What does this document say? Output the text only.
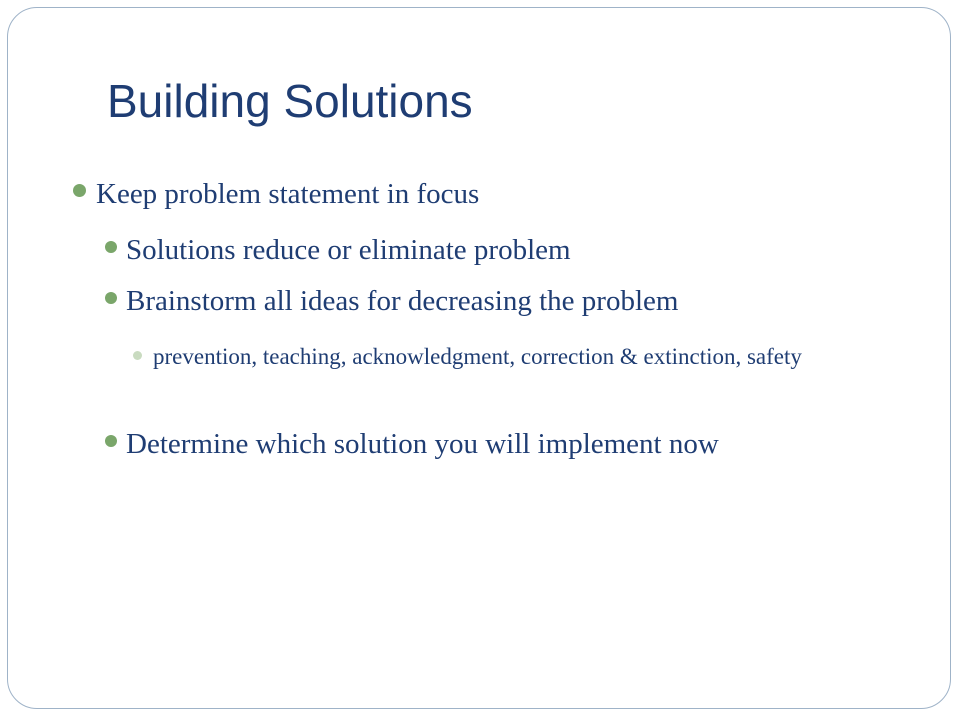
Building Solutions
Keep problem statement in focus
Solutions reduce or eliminate problem
Brainstorm all ideas for decreasing the problem
prevention, teaching, acknowledgment, correction & extinction, safety
Determine which solution you will implement now
